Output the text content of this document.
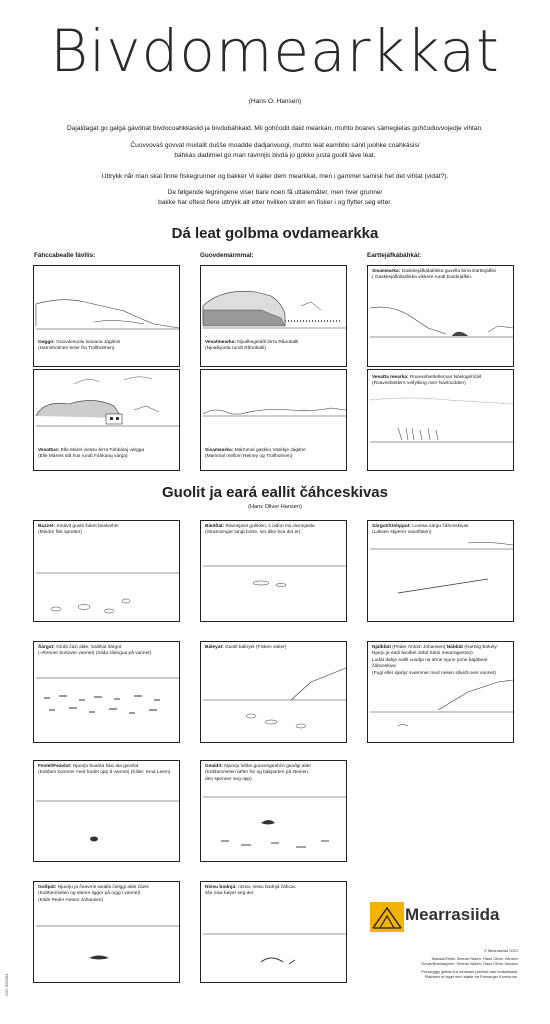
Bivdomearkkat
(Hans O. Hansen)
Dajaldagat go galgá gávdnat bivdocoahkkasiid ja bivdobáhkaid. Mii gohčodit daid mearkan, muhto boares sámegielas gohčoduvvojedje vihtan.
Čuovvovaš govvat muitalit dušše moadde dadjanvuogi, muhto leat eambbo sánit juohke coahkásis/
báhkás dadimiel go man ravnnjis bivdá jo gokko justa guolli láve leat.
Uttrykk når man skal finne fiskegrunner og bakker Vi kaller dem mearkkat, men i gammel samisk het det vihtat (vidát?).
De følgende tegningene viser bare noen få uttalemåter, men hver grunne/
bakke har oftest flere uttrykk alt etter hvilken strøm en fisker i og flytter seg etter.
Dá leat golbma ovdamearkka
Fáhccabealle fávllis:	Guovdemármmal:	Earttejáfkábáhkái:
Oaggo: Guovdesuolu luovana Jágitnis
(Hamnholmen leser fra Trollholmen)
Vesatmearka: Njoalkegiedði birra Rånoballi
(Njoalkjorda rundt Rånoballi)
Sisamearka: Gaskkejáfkábáhkka guvella birra Earttejáfkki
( Gaskkejáfkábáhkka vikkere rundt Eardejáfkki.
Vesattus: Elle Máret viessu birra Fáhkáraj várgga
(Elle Márets stå hus rundt Fáhkaraj várga)
Sisamearka: Mármmal gaskku Vaskkje Jágitne
(Mammal mellom Reiney og Trollholmen)
Vesatta mearka: Roavvebiettefieman Návlogehčáš
(Roavvebiettis's veifylking over Navlocdden)
Guolit ja eará eallit čáhceskivas
(Hans Oliver Hansen)
Buzzet: Smávit guolit šuket bealvehin
(Mindre fisk spretter)
Biedðat: Rávnnjasit guhkkin, ii oidno mii rávnnjasta
(Strømninger langt borte, ser ikke hva det er)
Sárgut/Stohppat: Luossa sárgu čáhceskivas
(Laksen skjærer vannflaten)
Šárgut: Gírdit čázi alde. Sallihat šárgot
(=Renner bortover vannet) (Silda sildogua på vannet)
Báleyat: Guolit bákryet (Fisken vaker)	Njálbbát (Peder Antom Johansen) Nábbát (Hartvig Birkely:
Njurjo ja dadi twoibet dobil Sámi mearrageston)
Lodát dahje eallit vuodja na ahne njune jurne bajábeal čáhceskiva
(Fugl eller sjødyr svømmer med nesen såvidt over vannet)
Fevlet/Feavlut: Njuorju boahtá šási ala guvvlat
(Kobben kommer med hodet opp å vannet) (Kilde: Knut Leem)
Gealdit: Njuorju lohke guovvegeahče geaðgi alde
(Kobben/selen løfter for og bakparten på steinen,
den spenner seg opp)
Goðpát: Njuorju ja čeavrris weallá čielggi alde čázis
(Kobben/selen og steren ligger på rygg i vannet)
(Kilde Peder Antom Johansen)
Nissu bodnjá: nGea, nissu bodnjá čáhcac
sše nisa bøyer seg der.
Mearrasiida
© Mearrasiida 2021
Teaksta/Tekst: Steinar Nilsen, Hans Oliver Hansen
Govat/Illustrasjoner: Steinar Nilsen, Hans Oliver Hansen
Porsáŋggu gielda lea ruhtadan plávkka dán muitalusaid.
Plakaten er laget med støtte fra Porsanger Kommune.
ISO: 860464
